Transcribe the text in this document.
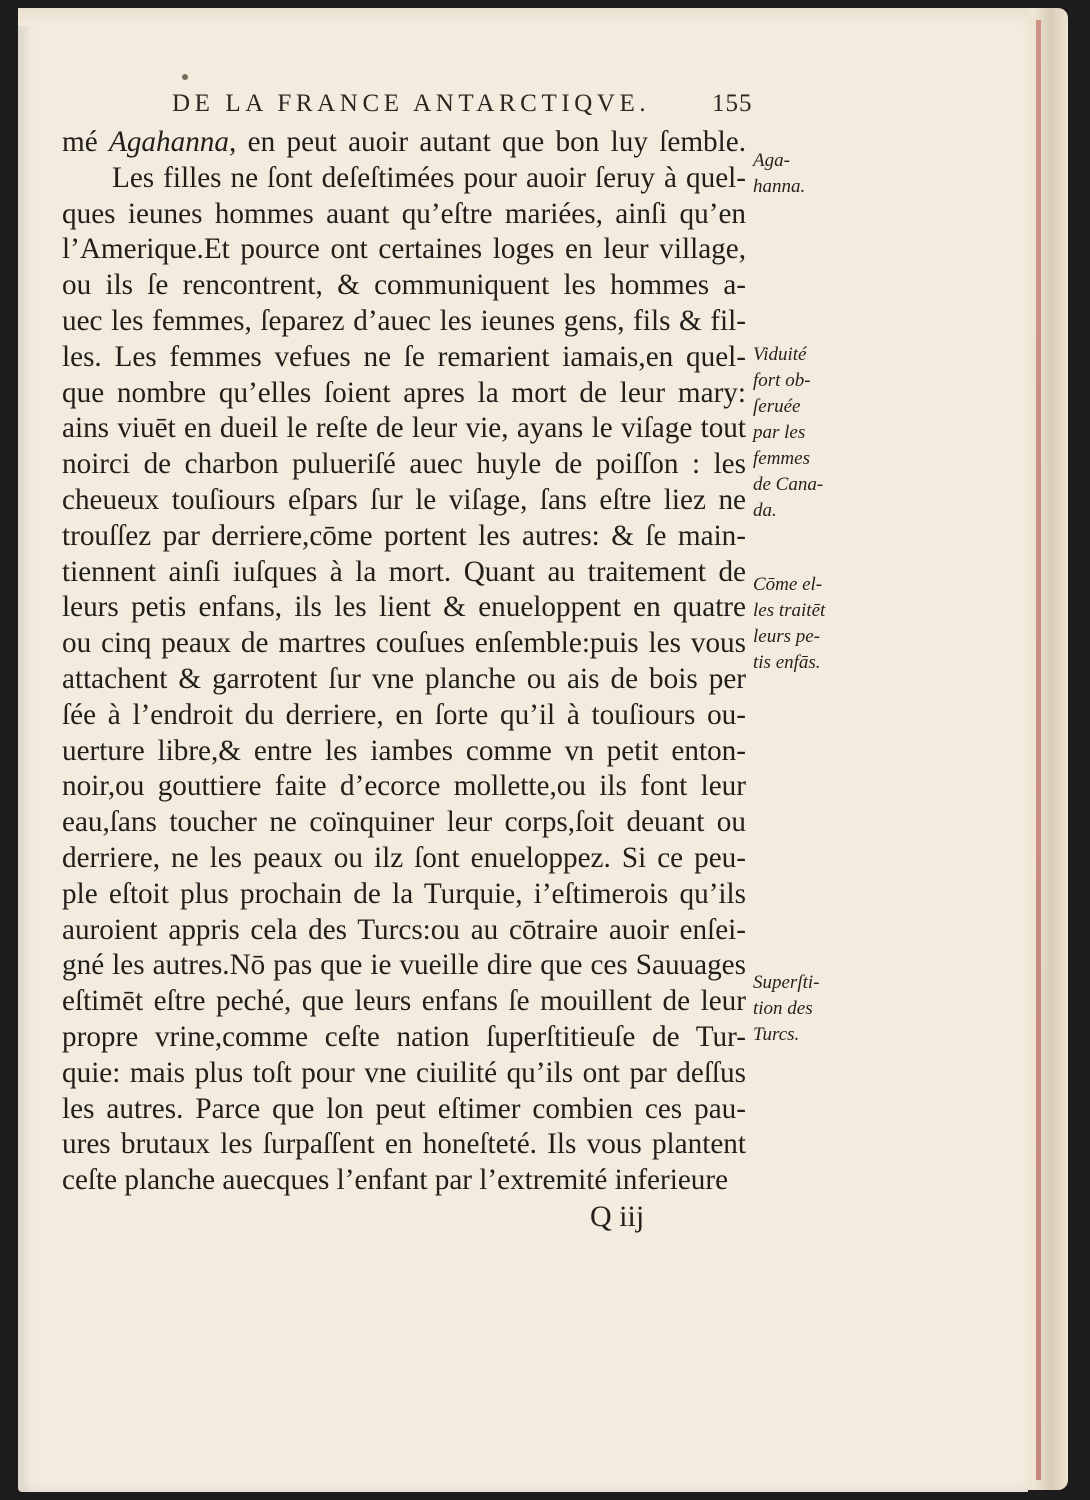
DE LA FRANCE ANTARCTIQVE. 155
mé Agahanna, en peut auoir autant que bon luy ſemble.
Les filles ne ſont deſeſtimées pour auoir ſeruy à quel-
ques ieunes hommes auant qu’eſtre mariées, ainſi qu’en
l’Amerique.Et pource ont certaines loges en leur village,
ou ils ſe rencontrent, & communiquent les hommes a-
uec les femmes, ſeparez d’auec les ieunes gens, fils & fil-
les. Les femmes vefues ne ſe remarient iamais,en quel-
que nombre qu’elles ſoient apres la mort de leur mary:
ains viuēt en dueil le reſte de leur vie, ayans le viſage tout
noirci de charbon pulueriſé auec huyle de poiſſon : les
cheueux touſiours eſpars ſur le viſage, ſans eſtre liez ne
trouſſez par derriere,cōme portent les autres: & ſe main-
tiennent ainſi iuſques à la mort. Quant au traitement de
leurs petis enfans, ils les lient & enueloppent en quatre
ou cinq peaux de martres couſues enſemble:puis les vous
attachent & garrotent ſur vne planche ou ais de bois per
ſée à l’endroit du derriere, en ſorte qu’il à touſiours ou-
uerture libre,& entre les iambes comme vn petit enton-
noir,ou gouttiere faite d’ecorce mollette,ou ils font leur
eau,ſans toucher ne coïnquiner leur corps,ſoit deuant ou
derriere, ne les peaux ou ilz ſont enueloppez. Si ce peu-
ple eſtoit plus prochain de la Turquie, i’eſtimerois qu’ils
auroient appris cela des Turcs:ou au cōtraire auoir enſei-
gné les autres.Nō pas que ie vueille dire que ces Sauuages
eſtimēt eſtre peché, que leurs enfans ſe mouillent de leur
propre vrine,comme ceſte nation ſuperſtitieuſe de Tur-
quie: mais plus toſt pour vne ciuilité qu’ils ont par deſſus
les autres. Parce que lon peut eſtimer combien ces pau-
ures brutaux les ſurpaſſent en honeſteté. Ils vous plantent
ceſte planche auecques l’enfant par l’extremité inferieure
Aga-
hanna.
Viduité
fort ob-
ſeruée
par les
femmes
de Cana-
da.
Cōme el-
les traitēt
leurs pe-
tis enfās.
Superſti-
tion des
Turcs.
Q iij
